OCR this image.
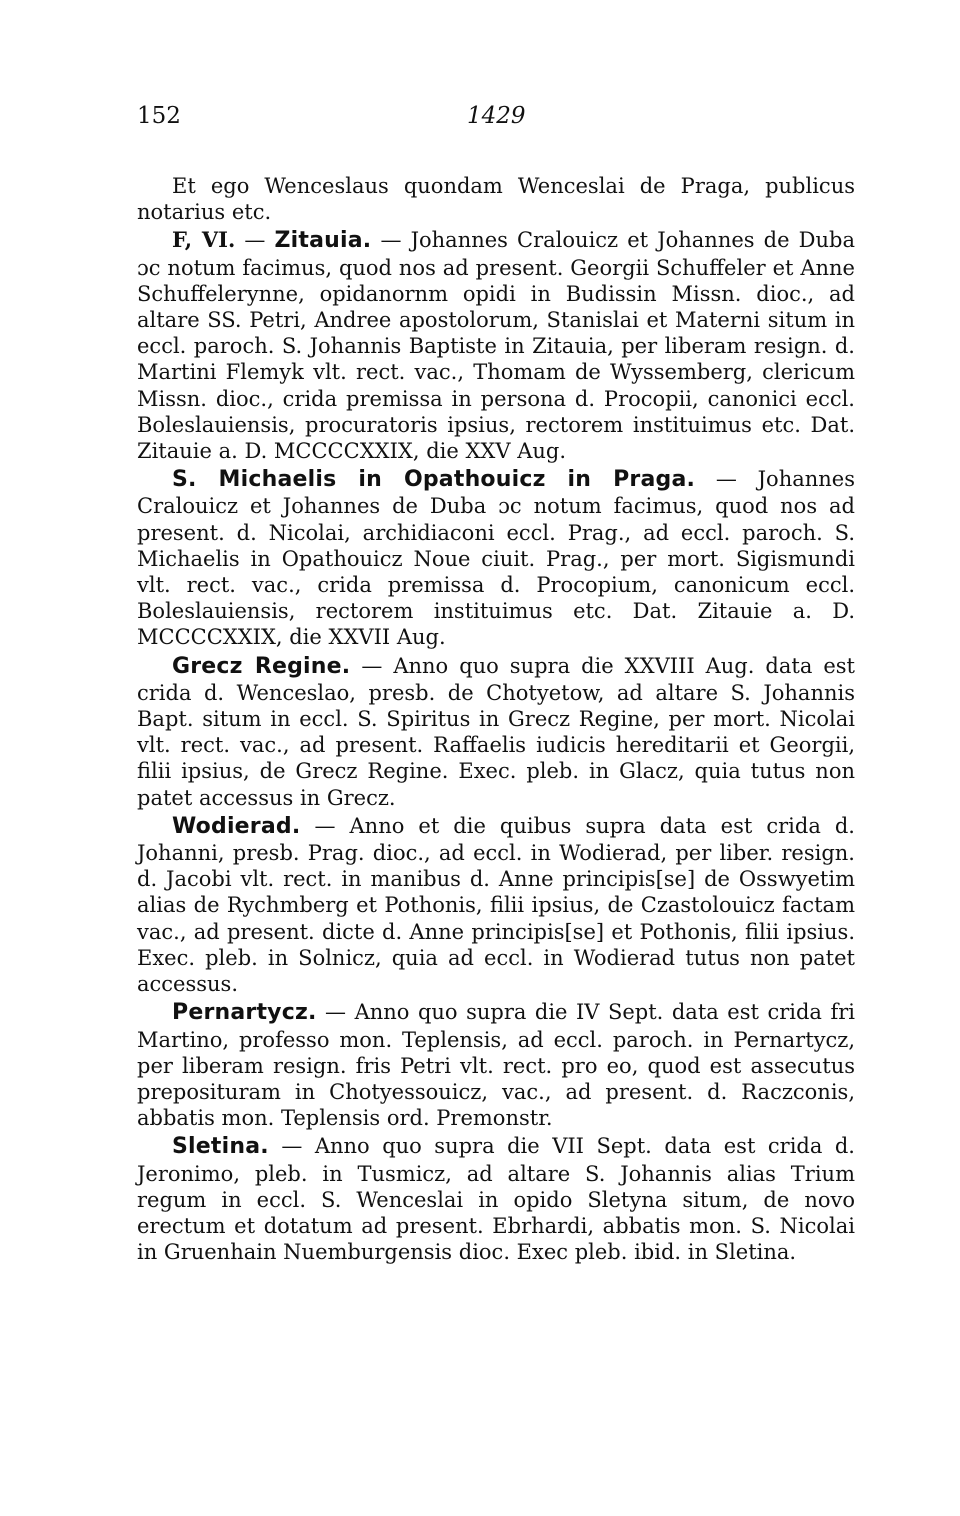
152	1429

Et ego Wenceslaus quondam Wenceslai de Praga, publicus notarius etc.

F, VI. — Zitauia. — Johannes Cralouicz et Johannes de Duba ɔc notum facimus, quod nos ad present. Georgii Schuffeler et Anne Schuffelerynne, opidanornm opidi in Budissin Missn. dioc., ad altare SS. Petri, Andree apostolorum, Stanislai et Materni situm in eccl. paroch. S. Johannis Baptiste in Zitauia, per liberam resign. d. Martini Flemyk vlt. rect. vac., Thomam de Wyssemberg, clericum Missn. dioc., crida premissa in persona d. Procopii, canonici eccl. Boleslauiensis, procuratoris ipsius, rectorem instituimus etc. Dat. Zitauie a. D. MCCCCXXIX, die XXV Aug.

S. Michaelis in Opathouicz in Praga. — Johannes Cralouicz et Johannes de Duba ɔc notum facimus, quod nos ad present. d. Nicolai, archidiaconi eccl. Prag., ad eccl. paroch. S. Michaelis in Opathouicz Noue ciuit. Prag., per mort. Sigismundi vlt. rect. vac., crida premissa d. Procopium, canonicum eccl. Boleslauiensis, rectorem instituimus etc. Dat. Zitauie a. D. MCCCCXXIX, die XXVII Aug.

Grecz Regine. — Anno quo supra die XXVIII Aug. data est crida d. Wenceslao, presb. de Chotyetow, ad altare S. Johannis Bapt. situm in eccl. S. Spiritus in Grecz Regine, per mort. Nicolai vlt. rect. vac., ad present. Raffaelis iudicis hereditarii et Georgii, filii ipsius, de Grecz Regine. Exec. pleb. in Glacz, quia tutus non patet accessus in Grecz.

Wodierad. — Anno et die quibus supra data est crida d. Johanni, presb. Prag. dioc., ad eccl. in Wodierad, per liber. resign. d. Jacobi vlt. rect. in manibus d. Anne principis[se] de Osswyetim alias de Rychmberg et Pothonis, filii ipsius, de Czastolouicz factam vac., ad present. dicte d. Anne principis[se] et Pothonis, filii ipsius. Exec. pleb. in Solnicz, quia ad eccl. in Wodierad tutus non patet accessus.

Pernartycz. — Anno quo supra die IV Sept. data est crida fri Martino, professo mon. Teplensis, ad eccl. paroch. in Pernartycz, per liberam resign. fris Petri vlt. rect. pro eo, quod est assecutus preposituram in Chotyessouicz, vac., ad present. d. Raczconis, abbatis mon. Teplensis ord. Premonstr.

Sletina. — Anno quo supra die VII Sept. data est crida d. Jeronimo, pleb. in Tusmicz, ad altare S. Johannis alias Trium regum in eccl. S. Wenceslai in opido Sletyna situm, de novo erectum et dotatum ad present. Ebrhardi, abbatis mon. S. Nicolai in Gruenhain Nuemburgensis dioc. Exec pleb. ibid. in Sletina.
